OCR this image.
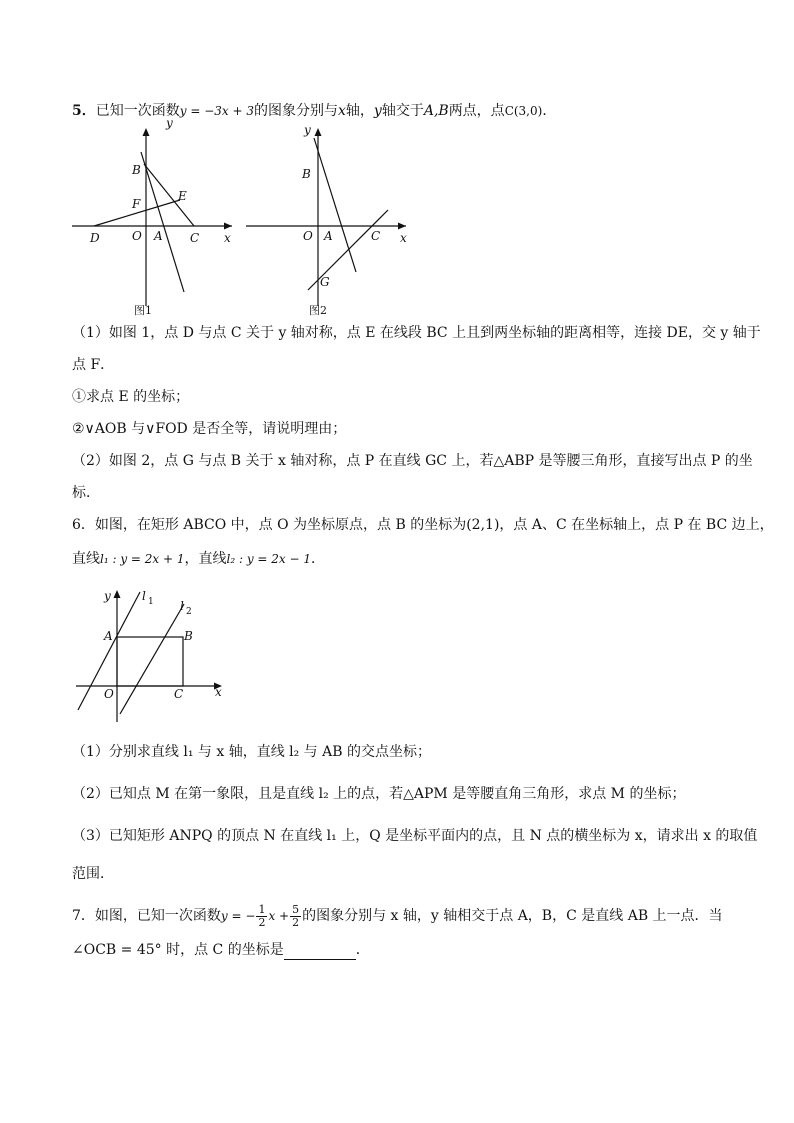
5．已知一次函数y = −3x + 3的图象分别与x轴，y轴交于A,B两点，点C(3,0)．
y
x
B
E
F
D	O A C
图1
y
x
B
O A	C
G
图2
（1）如图 1，点 D 与点 C 关于 y 轴对称，点 E 在线段 BC 上且到两坐标轴的距离相等，连接 DE，交 y 轴于
点 F．
①求点 E 的坐标；
②∨AOB 与∨FOD 是否全等，请说明理由；
（2）如图 2，点 G 与点 B 关于 x 轴对称，点 P 在直线 GC 上，若△ABP 是等腰三角形，直接写出点 P 的坐
标．
6．如图，在矩形 ABCO 中，点 O 为坐标原点，点 B 的坐标为(2,1)，点 A、C 在坐标轴上，点 P 在 BC 边上，
直线l₁ : y = 2x + 1，直线l₂ : y = 2x − 1．
y	l 1 l 2
A	B
O	C	x
（1）分别求直线 l₁ 与 x 轴，直线 l₂ 与 AB 的交点坐标；
（2）已知点 M 在第一象限，且是直线 l₂ 上的点，若△APM 是等腰直角三角形，求点 M 的坐标；
（3）已知矩形 ANPQ 的顶点 N 在直线 l₁ 上，Q 是坐标平面内的点，且 N 点的横坐标为 x，请求出 x 的取值
范围．
7．如图，已知一次函数y = − $\frac{1}{2}$ $x + \frac{5}{2}$ 的图象分别与 x 轴，y 轴相交于点 A，B，C 是直线 AB 上一点．当
∠OCB = 45° 时，点 C 的坐标是	．
